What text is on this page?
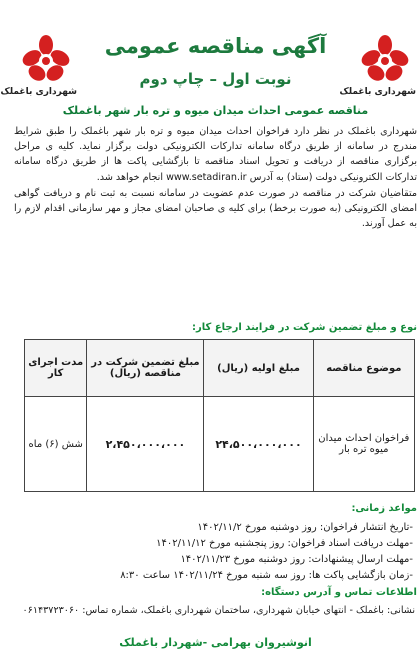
شهرداری باغملک
شهرداری باغملک
آگهی مناقصه عمومی
نوبت اول – چاپ دوم
مناقصه عمومی احداث میدان میوه و تره بار شهر باغملک

شهرداری باغملک در نظر دارد فراخوان احداث میدان میوه و تره بار شهر باغملک را طبق شرایط مندرج در سامانه از طریق درگاه سامانه تدارکات الکترونیکی دولت برگزار نماید. کلیه ی مراحل برگزاری مناقصه از دریافت و تحویل اسناد مناقصه تا بازگشایی پاکت ها از طریق درگاه سامانه تدارکات الکترونیکی دولت (ستاد) به آدرس www.setadiran.ir انجام خواهد شد.

متقاضیان شرکت در مناقصه در صورت عدم عضویت در سامانه نسبت به ثبت نام و دریافت گواهی امضای الکترونیکی (به صورت برخط) برای کلیه ی صاحبان امضای مجاز و مهر سازمانی اقدام لازم را به عمل آورند.

نوع و مبلغ تضمین شرکت در فرایند ارجاع کار:
موضوع مناقصه	مبلغ اولیه (ریال)	مبلغ تضمین شرکت در مناقصه (ریال)	مدت اجرای کار
فراخوان احداث میدان میوه تره بار	۲۴،۵۰۰،۰۰۰،۰۰۰	۲،۴۵۰،۰۰۰،۰۰۰	شش (۶) ماه
مواعد زمانی:
-تاریخ انتشار فراخوان: روز دوشنبه مورخ ۱۴۰۲/۱۱/۲
-مهلت دریافت اسناد فراخوان: روز پنجشنبه مورخ ۱۴۰۲/۱۱/۱۲
-مهلت ارسال پیشنهادات: روز دوشنبه مورخ ۱۴۰۲/۱۱/۲۳
-زمان بازگشایی پاکت ها: روز سه شنبه مورخ ۱۴۰۲/۱۱/۲۴ ساعت ۸:۳۰
اطلاعات تماس و آدرس دستگاه:
نشانی: باغملک - انتهای خیابان شهرداری، ساختمان شهرداری باغملک، شماره تماس: ۰۶۱۴۳۷۲۳۰۶۰
انوشیروان بهرامی -شهردار باغملک
